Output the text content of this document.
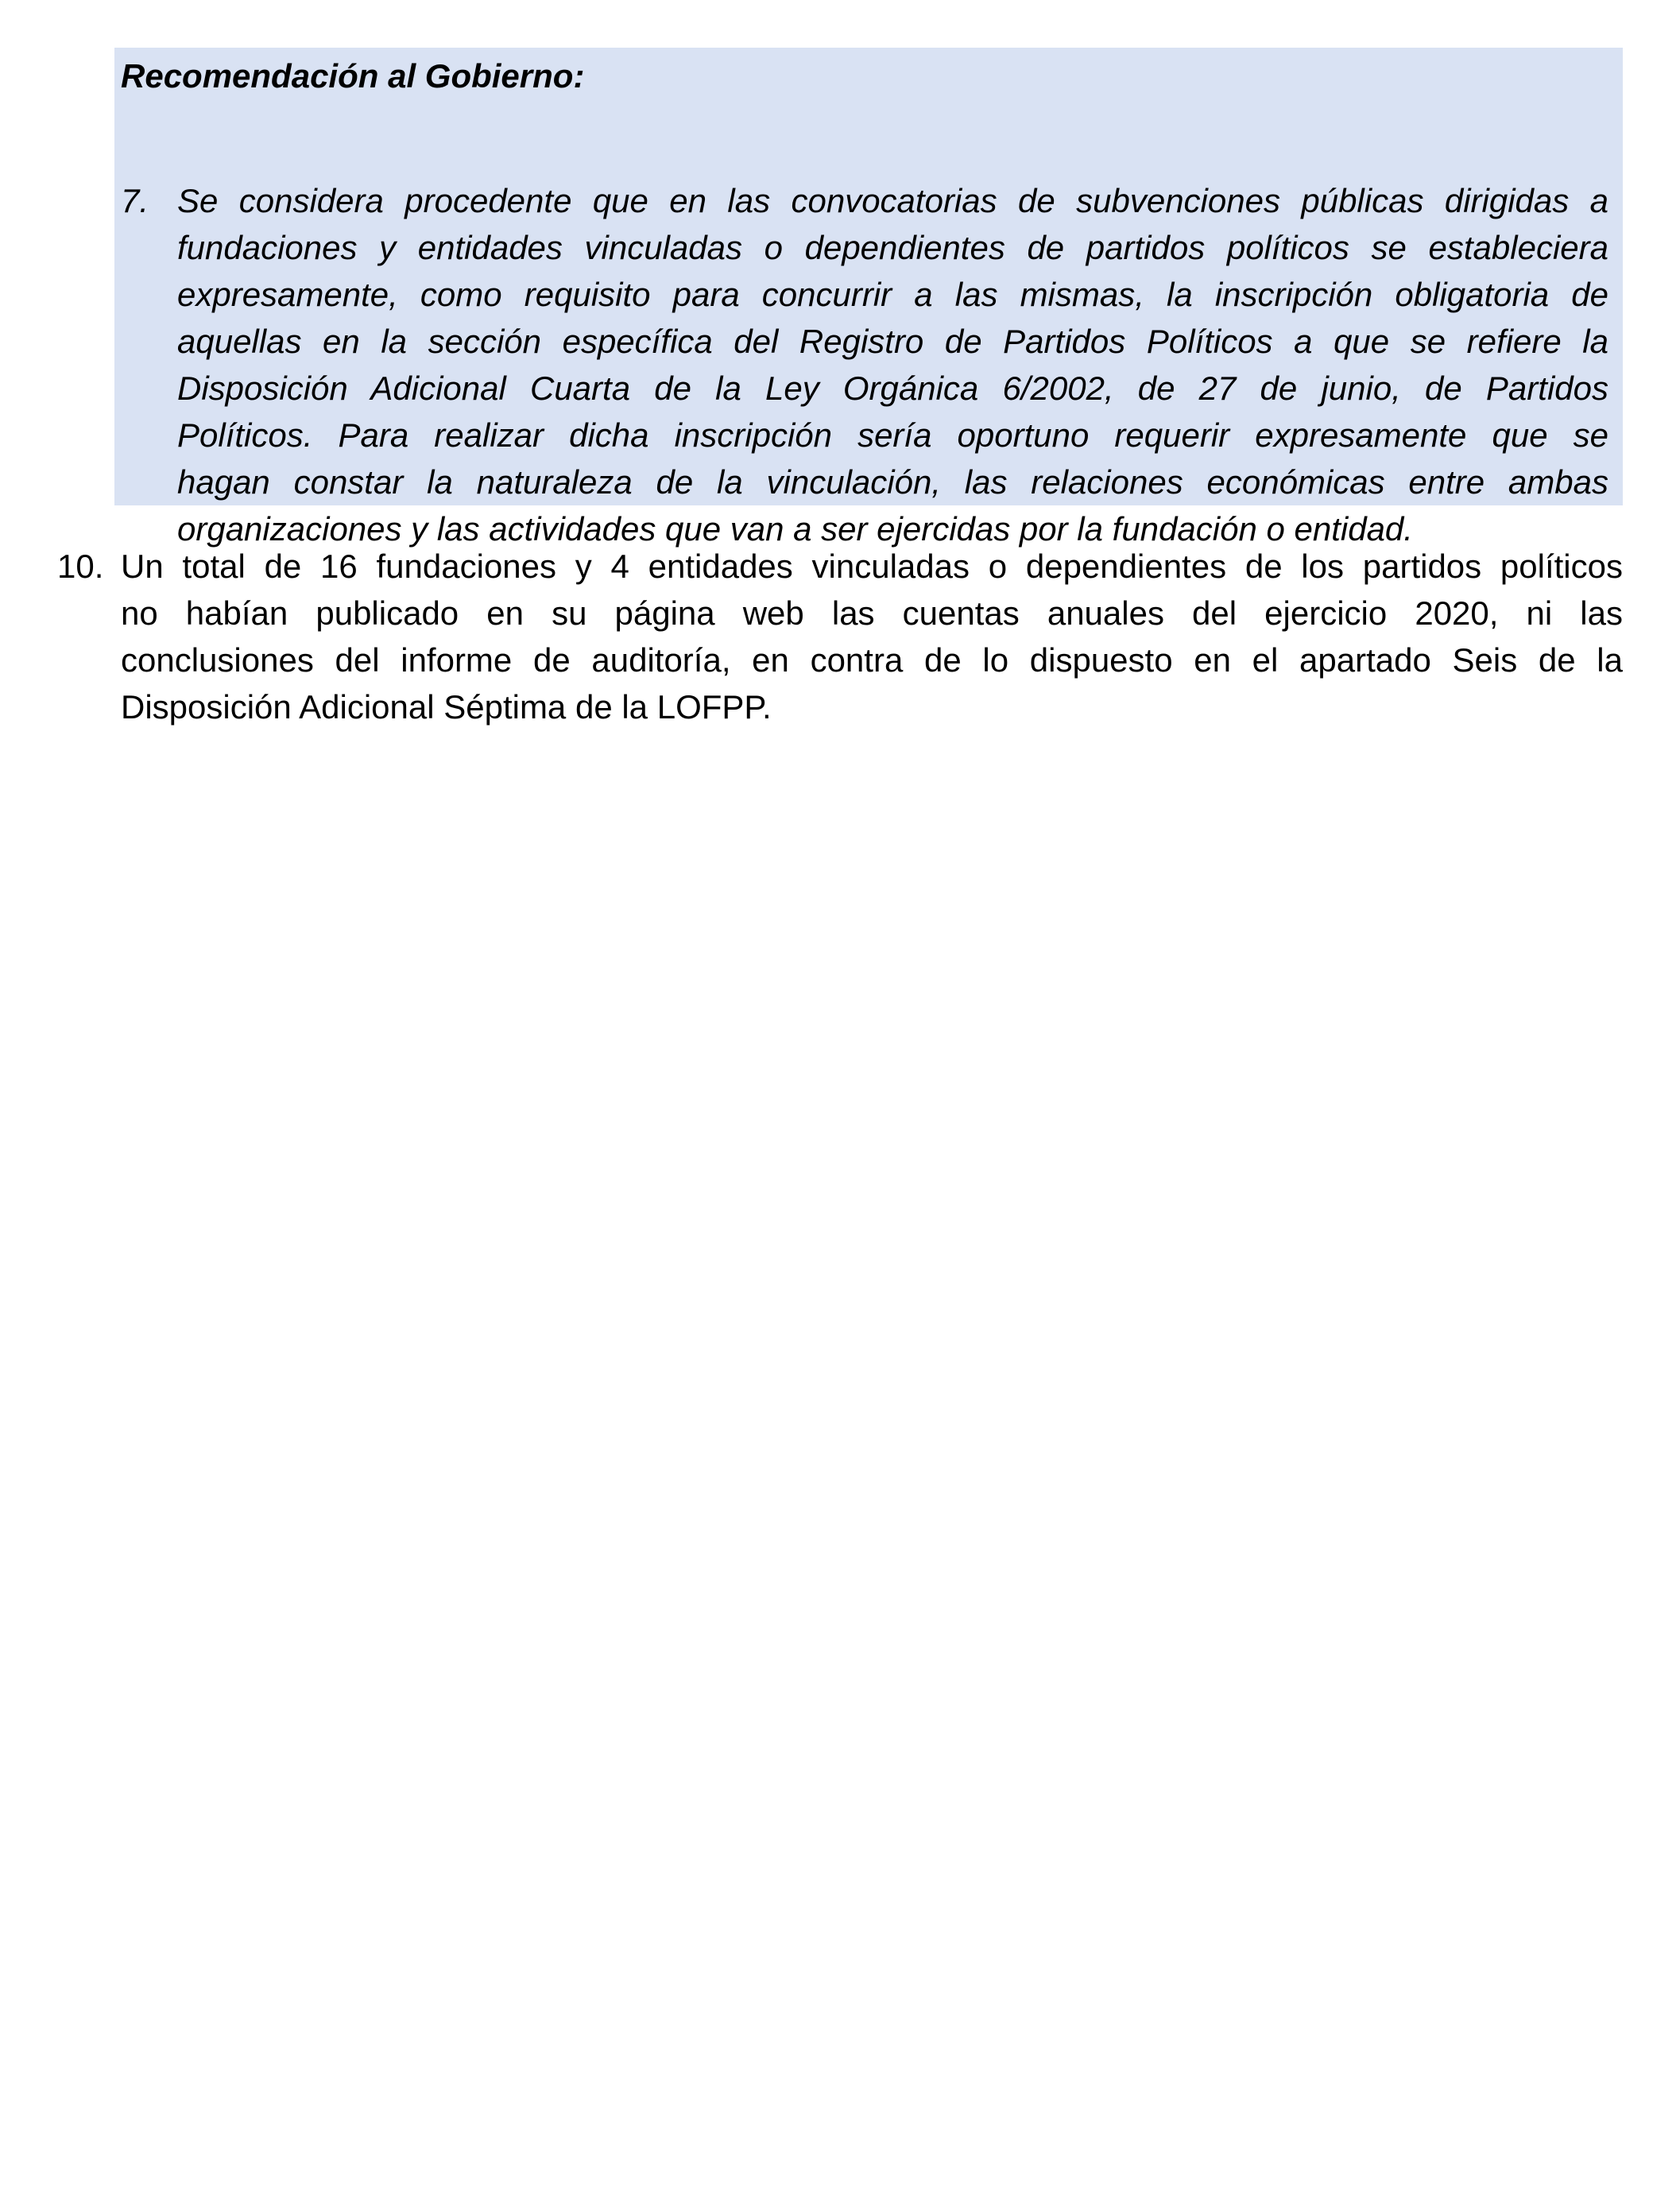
Recomendación al Gobierno:
7. Se considera procedente que en las convocatorias de subvenciones públicas dirigidas a
fundaciones y entidades vinculadas o dependientes de partidos políticos se estableciera
expresamente, como requisito para concurrir a las mismas, la inscripción obligatoria de
aquellas en la sección específica del Registro de Partidos Políticos a que se refiere la
Disposición Adicional Cuarta de la Ley Orgánica 6/2002, de 27 de junio, de Partidos
Políticos. Para realizar dicha inscripción sería oportuno requerir expresamente que se
hagan constar la naturaleza de la vinculación, las relaciones económicas entre ambas
organizaciones y las actividades que van a ser ejercidas por la fundación o entidad.
10. Un total de 16 fundaciones y 4 entidades vinculadas o dependientes de los partidos políticos
no habían publicado en su página web las cuentas anuales del ejercicio 2020, ni las
conclusiones del informe de auditoría, en contra de lo dispuesto en el apartado Seis de la
Disposición Adicional Séptima de la LOFPP.
